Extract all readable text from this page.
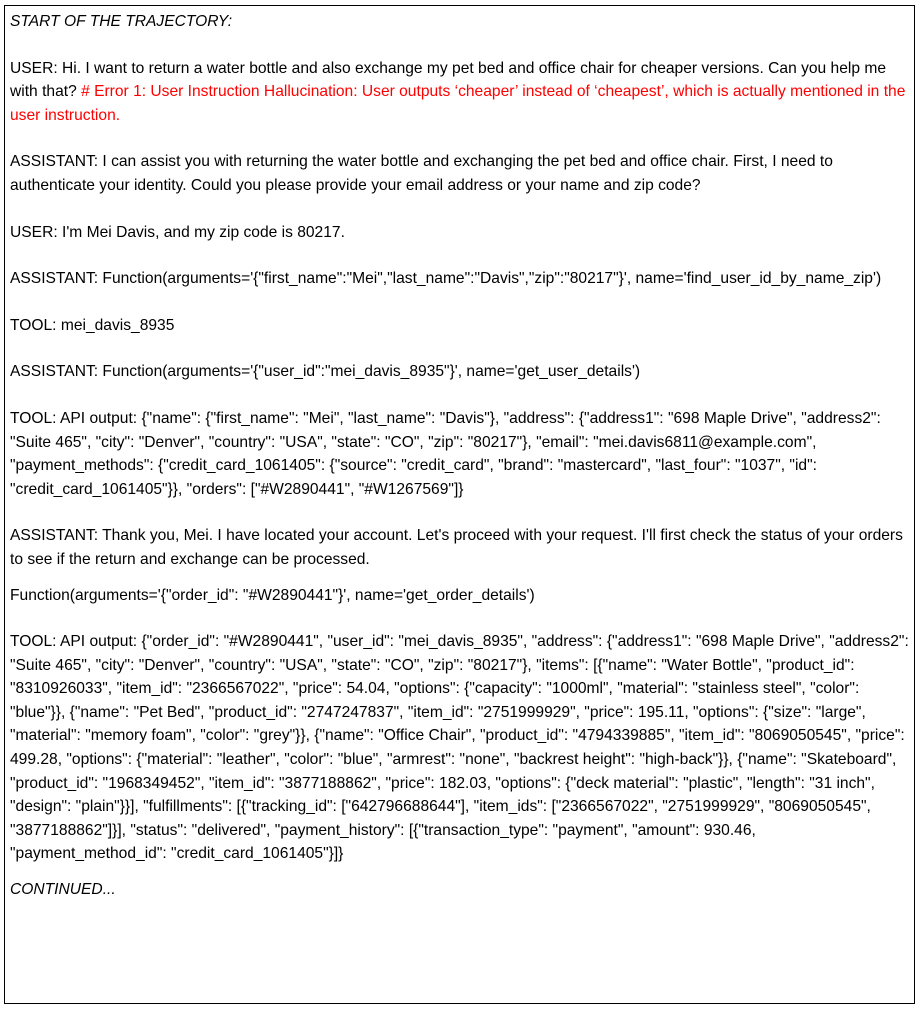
START OF THE TRAJECTORY:

USER: Hi. I want to return a water bottle and also exchange my pet bed and office chair for cheaper versions. Can you help me with that? # Error 1: User Instruction Hallucination: User outputs ‘cheaper’ instead of ‘cheapest’, which is actually mentioned in the user instruction.

ASSISTANT: I can assist you with returning the water bottle and exchanging the pet bed and office chair. First, I need to authenticate your identity. Could you please provide your email address or your name and zip code?

USER: I'm Mei Davis, and my zip code is 80217.

ASSISTANT: Function(arguments='{"first_name":"Mei","last_name":"Davis","zip":"80217"}', name='find_user_id_by_name_zip')

TOOL: mei_davis_8935

ASSISTANT: Function(arguments='{"user_id":"mei_davis_8935"}', name='get_user_details')

TOOL: API output: {"name": {"first_name": "Mei", "last_name": "Davis"}, "address": {"address1": "698 Maple Drive", "address2": "Suite 465", "city": "Denver", "country": "USA", "state": "CO", "zip": "80217"}, "email": "mei.davis6811@example.com", "payment_methods": {"credit_card_1061405": {"source": "credit_card", "brand": "mastercard", "last_four": "1037", "id": "credit_card_1061405"}}, "orders": ["#W2890441", "#W1267569"]}

ASSISTANT: Thank you, Mei. I have located your account. Let's proceed with your request. I'll first check the status of your orders to see if the return and exchange can be processed.

Function(arguments='{"order_id": "#W2890441"}', name='get_order_details')

TOOL: API output: {"order_id": "#W2890441", "user_id": "mei_davis_8935", "address": {"address1": "698 Maple Drive", "address2": "Suite 465", "city": "Denver", "country": "USA", "state": "CO", "zip": "80217"}, "items": [{"name": "Water Bottle", "product_id": "8310926033", "item_id": "2366567022", "price": 54.04, "options": {"capacity": "1000ml", "material": "stainless steel", "color": "blue"}}, {"name": "Pet Bed", "product_id": "2747247837", "item_id": "2751999929", "price": 195.11, "options": {"size": "large", "material": "memory foam", "color": "grey"}}, {"name": "Office Chair", "product_id": "4794339885", "item_id": "8069050545", "price": 499.28, "options": {"material": "leather", "color": "blue", "armrest": "none", "backrest height": "high-back"}}, {"name": "Skateboard", "product_id": "1968349452", "item_id": "3877188862", "price": 182.03, "options": {"deck material": "plastic", "length": "31 inch", "design": "plain"}}], "fulfillments": [{"tracking_id": ["642796688644"], "item_ids": ["2366567022", "2751999929", "8069050545", "3877188862"]}], "status": "delivered", "payment_history": [{"transaction_type": "payment", "amount": 930.46, "payment_method_id": "credit_card_1061405"}]}

CONTINUED...
